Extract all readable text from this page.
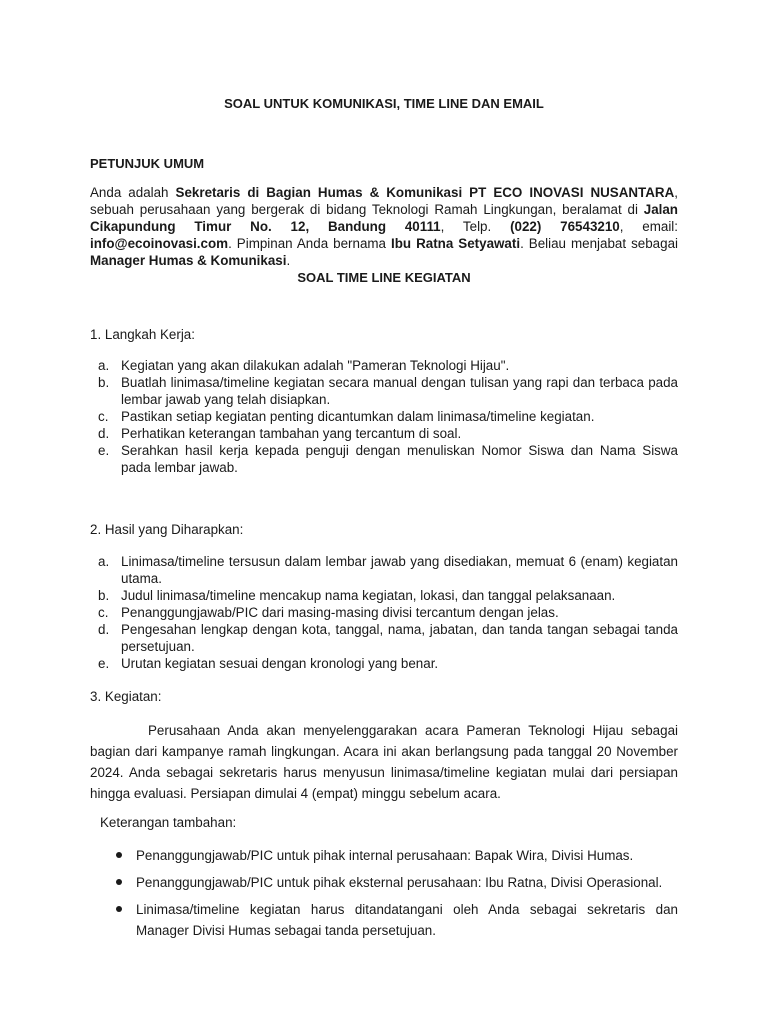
SOAL UNTUK KOMUNIKASI, TIME LINE DAN EMAIL
PETUNJUK UMUM
Anda adalah Sekretaris di Bagian Humas & Komunikasi PT ECO INOVASI NUSANTARA, sebuah perusahaan yang bergerak di bidang Teknologi Ramah Lingkungan, beralamat di Jalan Cikapundung Timur No. 12, Bandung 40111, Telp. (022) 76543210, email: info@ecoinovasi.com. Pimpinan Anda bernama Ibu Ratna Setyawati. Beliau menjabat sebagai Manager Humas & Komunikasi.
SOAL TIME LINE KEGIATAN
1. Langkah Kerja:
a. Kegiatan yang akan dilakukan adalah "Pameran Teknologi Hijau".
b. Buatlah linimasa/timeline kegiatan secara manual dengan tulisan yang rapi dan terbaca pada lembar jawab yang telah disiapkan.
c. Pastikan setiap kegiatan penting dicantumkan dalam linimasa/timeline kegiatan.
d. Perhatikan keterangan tambahan yang tercantum di soal.
e. Serahkan hasil kerja kepada penguji dengan menuliskan Nomor Siswa dan Nama Siswa pada lembar jawab.
2. Hasil yang Diharapkan:
a. Linimasa/timeline tersusun dalam lembar jawab yang disediakan, memuat 6 (enam) kegiatan utama.
b. Judul linimasa/timeline mencakup nama kegiatan, lokasi, dan tanggal pelaksanaan.
c. Penanggungjawab/PIC dari masing-masing divisi tercantum dengan jelas.
d. Pengesahan lengkap dengan kota, tanggal, nama, jabatan, dan tanda tangan sebagai tanda persetujuan.
e. Urutan kegiatan sesuai dengan kronologi yang benar.
3. Kegiatan:
Perusahaan Anda akan menyelenggarakan acara Pameran Teknologi Hijau sebagai bagian dari kampanye ramah lingkungan. Acara ini akan berlangsung pada tanggal 20 November 2024. Anda sebagai sekretaris harus menyusun linimasa/timeline kegiatan mulai dari persiapan hingga evaluasi. Persiapan dimulai 4 (empat) minggu sebelum acara.
Keterangan tambahan:
Penanggungjawab/PIC untuk pihak internal perusahaan: Bapak Wira, Divisi Humas.
Penanggungjawab/PIC untuk pihak eksternal perusahaan: Ibu Ratna, Divisi Operasional.
Linimasa/timeline kegiatan harus ditandatangani oleh Anda sebagai sekretaris dan Manager Divisi Humas sebagai tanda persetujuan.
